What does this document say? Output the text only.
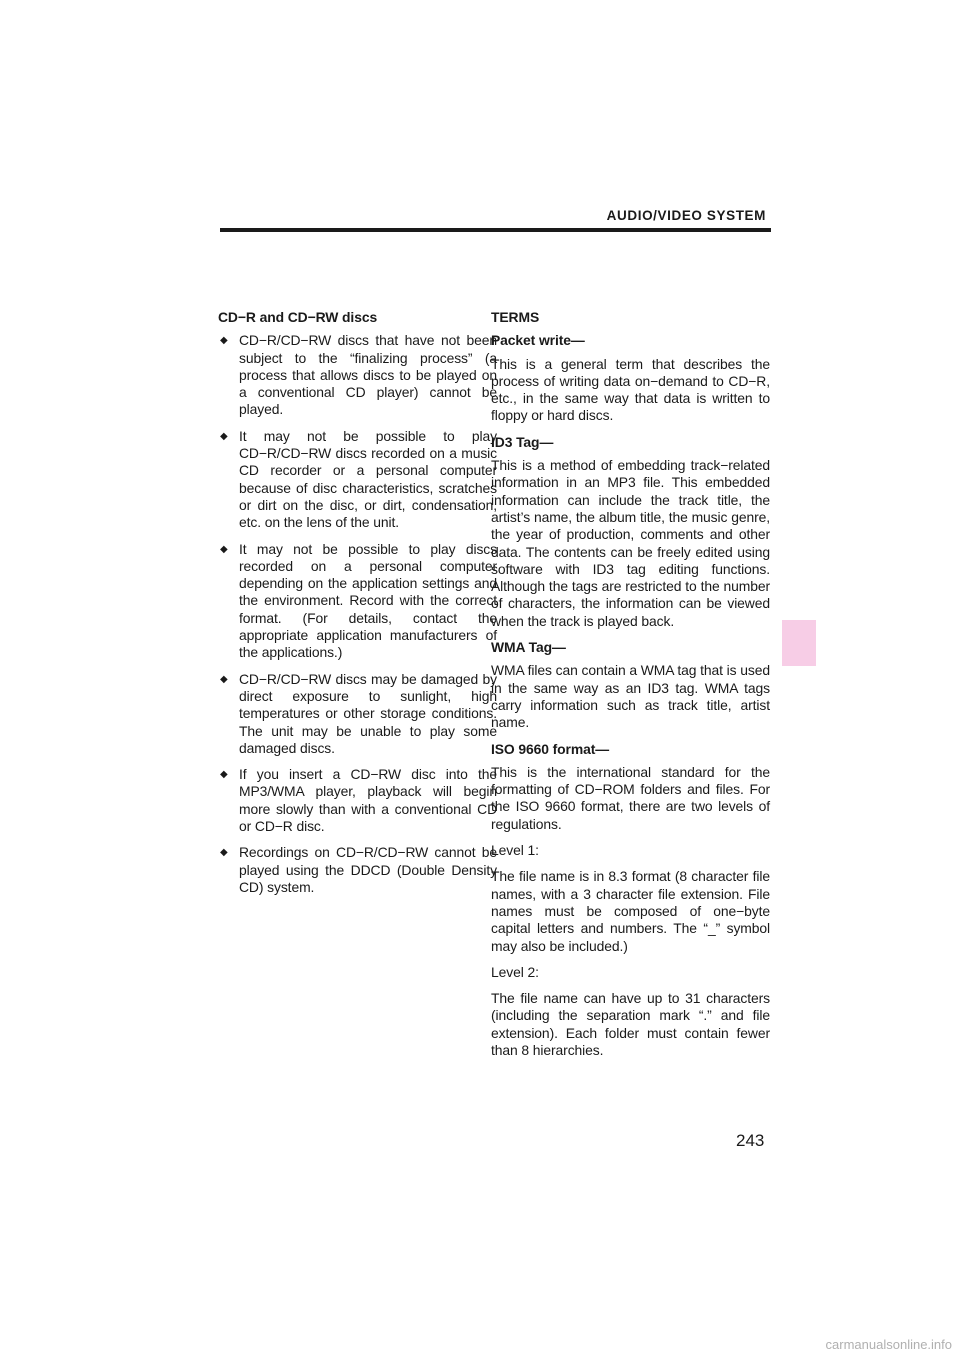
AUDIO/VIDEO SYSTEM
CD−R and CD−RW discs
◆ CD−R/CD−RW discs that have not been subject to the “finalizing process” (a process that allows discs to be played on a conventional CD player) cannot be played.
◆ It may not be possible to play CD−R/CD−RW discs recorded on a music CD recorder or a personal computer because of disc characteristics, scratches or dirt on the disc, or dirt, condensation, etc. on the lens of the unit.
◆ It may not be possible to play discs recorded on a personal computer depending on the application settings and the environment. Record with the correct format. (For details, contact the appropriate application manufacturers of the applications.)
◆ CD−R/CD−RW discs may be damaged by direct exposure to sunlight, high temperatures or other storage conditions. The unit may be unable to play some damaged discs.
◆ If you insert a CD−RW disc into the MP3/WMA player, playback will begin more slowly than with a conventional CD or CD−R disc.
◆ Recordings on CD−R/CD−RW cannot be played using the DDCD (Double Density CD) system.
TERMS
Packet write—
This is a general term that describes the process of writing data on−demand to CD−R, etc., in the same way that data is written to floppy or hard discs.
ID3 Tag—
This is a method of embedding track−related information in an MP3 file. This embedded information can include the track title, the artist’s name, the album title, the music genre, the year of production, comments and other data. The contents can be freely edited using software with ID3 tag editing functions. Although the tags are restricted to the number of characters, the information can be viewed when the track is played back.
WMA Tag—
WMA files can contain a WMA tag that is used in the same way as an ID3 tag. WMA tags carry information such as track title, artist name.
ISO 9660 format—
This is the international standard for the formatting of CD−ROM folders and files. For the ISO 9660 format, there are two levels of regulations.
Level 1:
The file name is in 8.3 format (8 character file names, with a 3 character file extension. File names must be composed of one−byte capital letters and numbers. The “_” symbol may also be included.)
Level 2:
The file name can have up to 31 characters (including the separation mark “.” and file extension). Each folder must contain fewer than 8 hierarchies.
243
carmanualsonline.info
